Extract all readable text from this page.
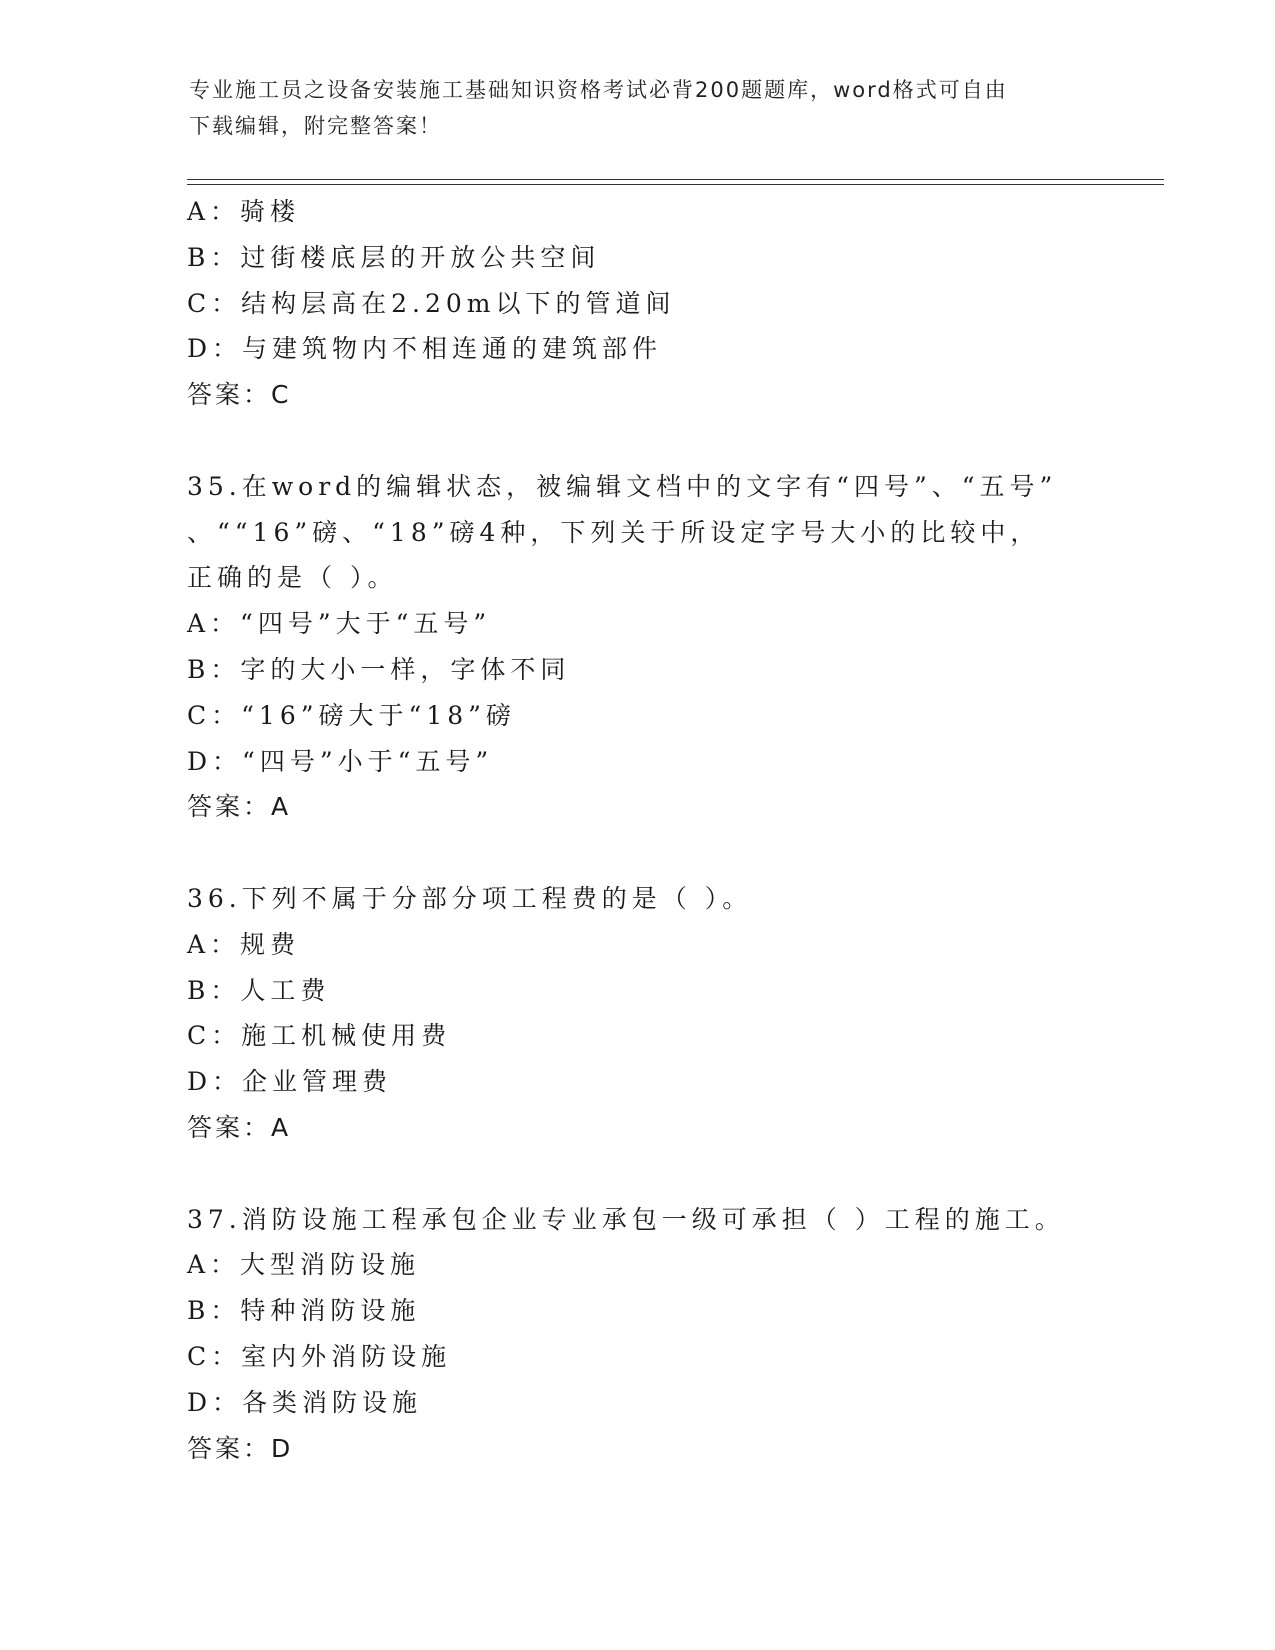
专业施工员之设备安装施工基础知识资格考试必背200题题库，word格式可自由
下载编辑，附完整答案！
A：骑楼
B：过街楼底层的开放公共空间
C：结构层高在2.20m以下的管道间
D：与建筑物内不相连通的建筑部件
答案：C
35.在word的编辑状态，被编辑文档中的文字有“四号”、“五号”
、““16”磅、“18”磅4种，下列关于所设定字号大小的比较中，
正确的是（ ）。
A：“四号”大于“五号”
B：字的大小一样，字体不同
C：“16”磅大于“18”磅
D：“四号”小于“五号”
答案：A
36.下列不属于分部分项工程费的是（ ）。
A：规费
B：人工费
C：施工机械使用费
D：企业管理费
答案：A
37.消防设施工程承包企业专业承包一级可承担（ ）工程的施工。
A：大型消防设施
B：特种消防设施
C：室内外消防设施
D：各类消防设施
答案：D
